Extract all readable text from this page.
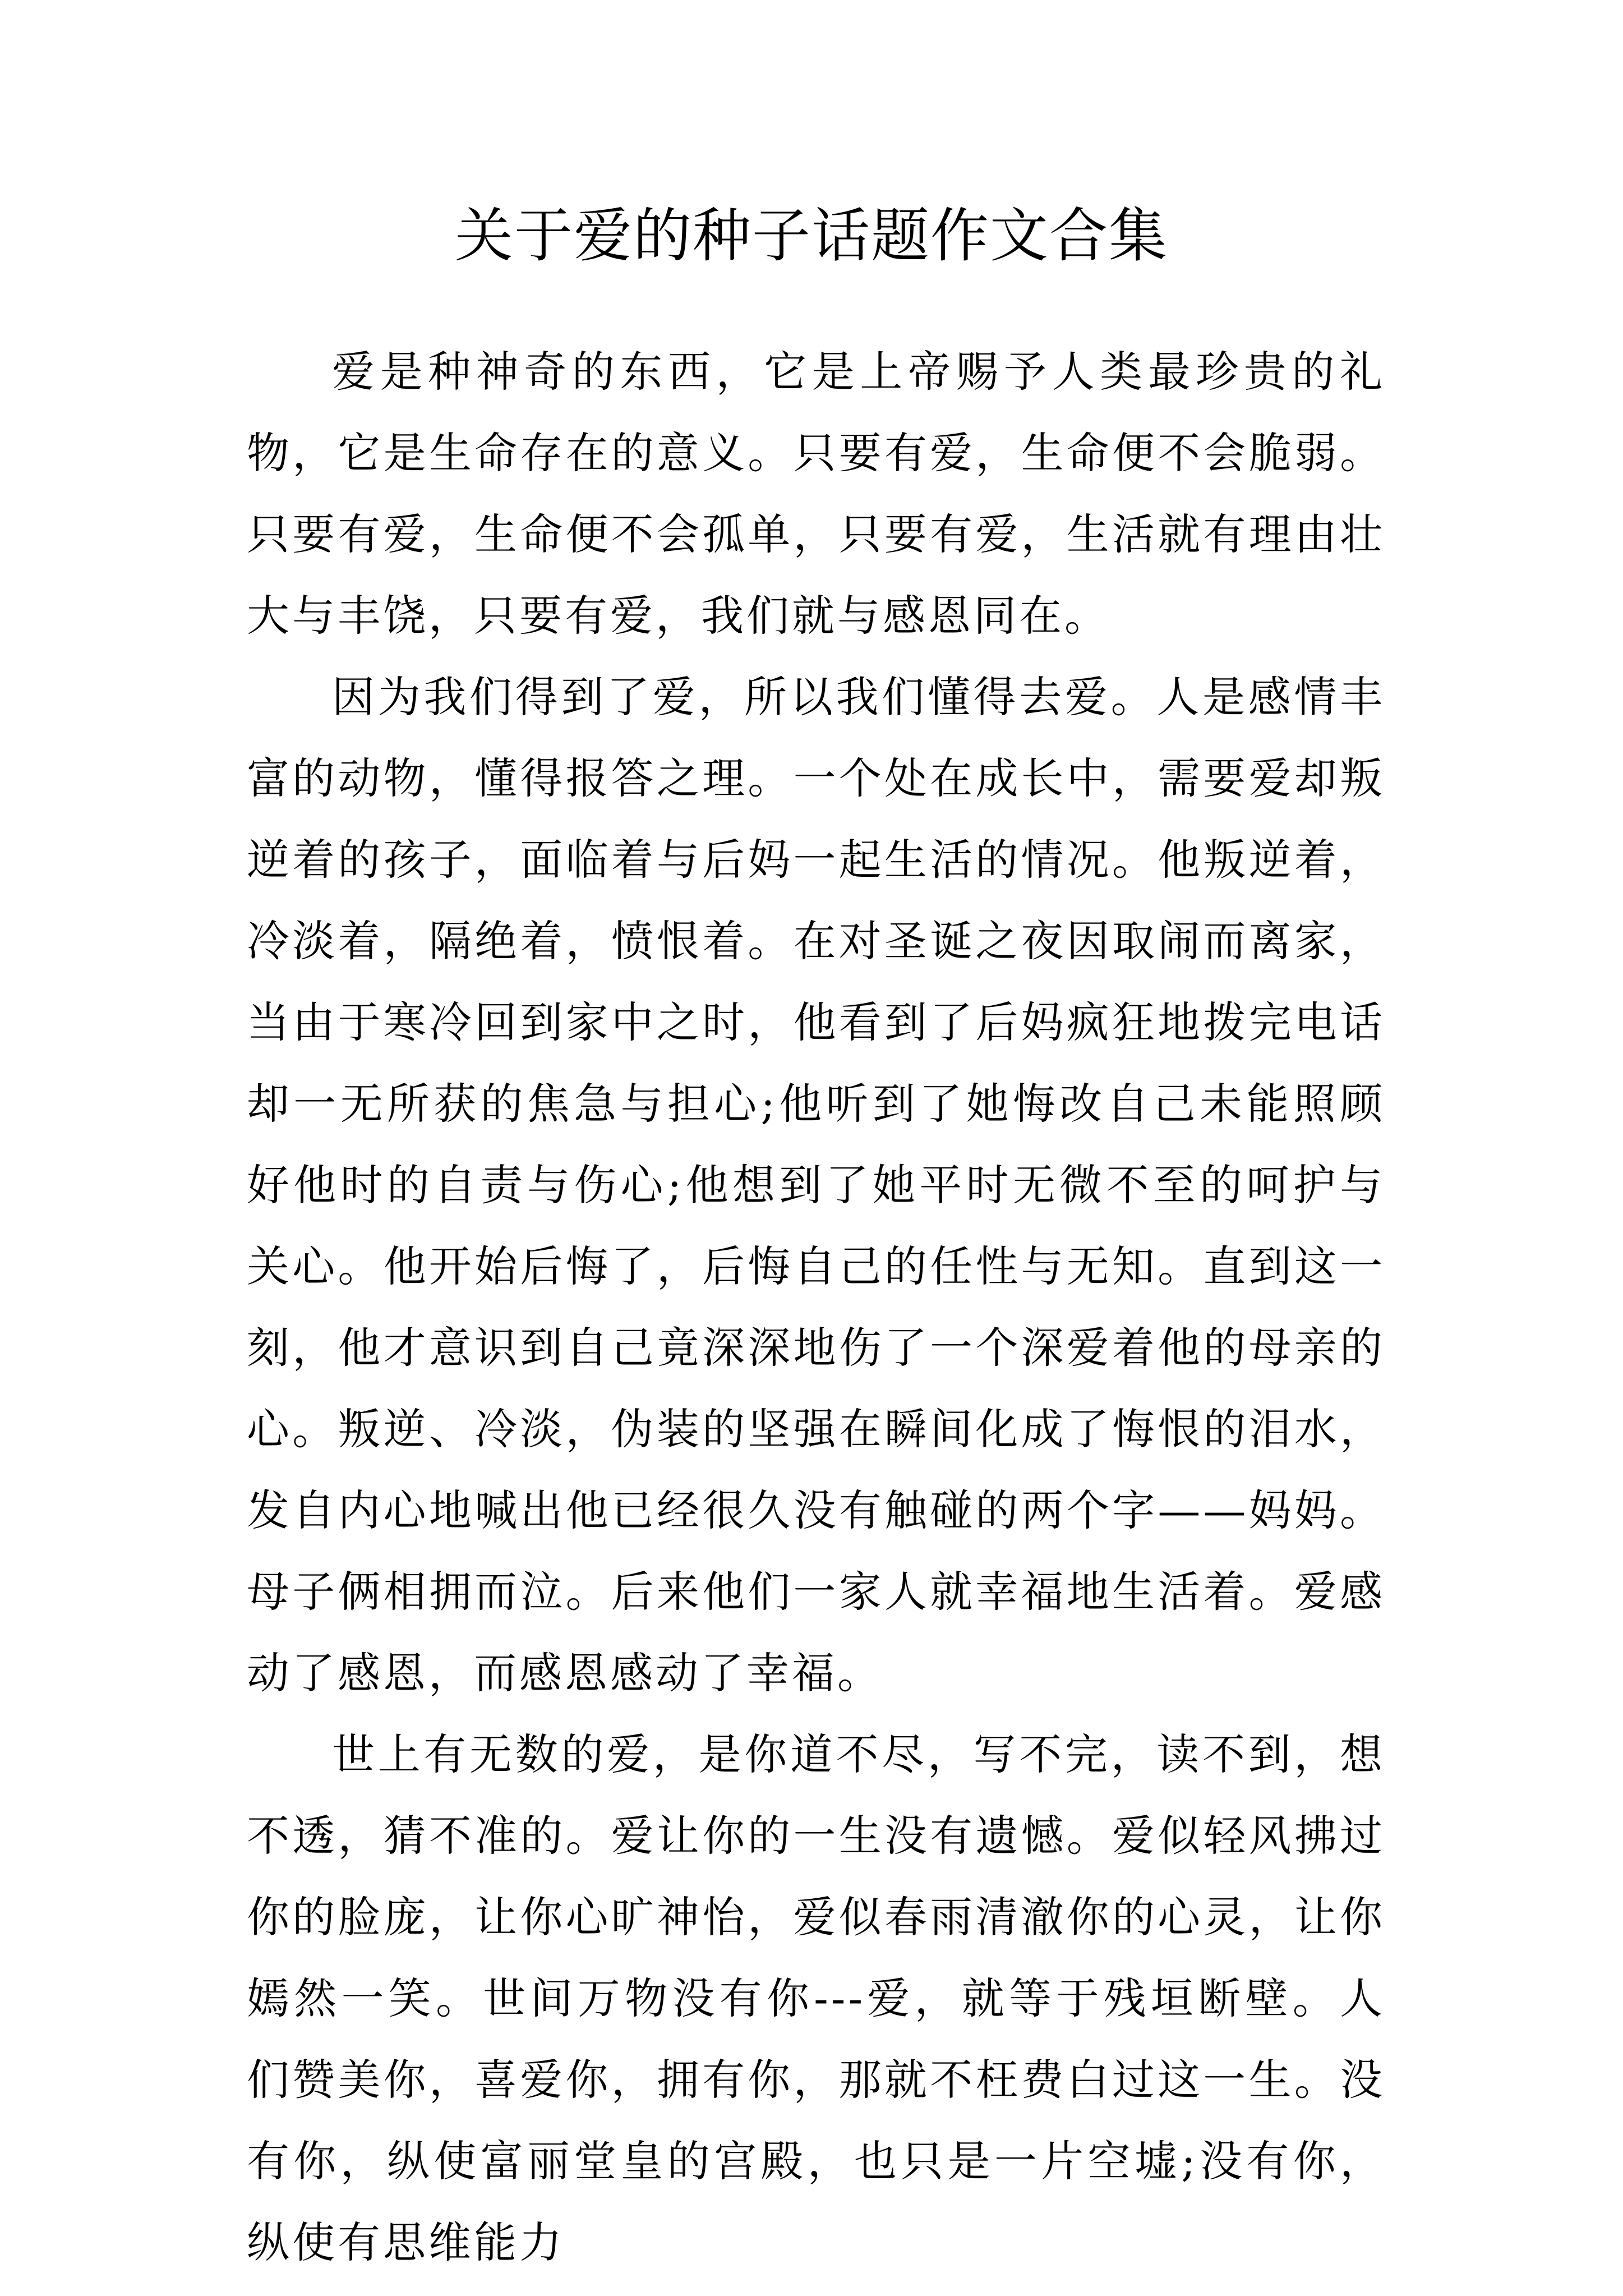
关于爱的种子话题作文合集

爱是种神奇的东西，它是上帝赐予人类最珍贵的礼物，它是生命存在的意义。只要有爱，生命便不会脆弱。只要有爱，生命便不会孤单，只要有爱，生活就有理由壮大与丰饶，只要有爱，我们就与感恩同在。

因为我们得到了爱，所以我们懂得去爱。人是感情丰富的动物，懂得报答之理。一个处在成长中，需要爱却叛逆着的孩子，面临着与后妈一起生活的情况。他叛逆着，冷淡着，隔绝着，愤恨着。在对圣诞之夜因取闹而离家，当由于寒冷回到家中之时，他看到了后妈疯狂地拨完电话却一无所获的焦急与担心;他听到了她悔改自己未能照顾好他时的自责与伤心;他想到了她平时无微不至的呵护与关心。他开始后悔了，后悔自己的任性与无知。直到这一刻，他才意识到自己竟深深地伤了一个深爱着他的母亲的心。叛逆、冷淡，伪装的坚强在瞬间化成了悔恨的泪水，发自内心地喊出他已经很久没有触碰的两个字——妈妈。母子俩相拥而泣。后来他们一家人就幸福地生活着。爱感动了感恩，而感恩感动了幸福。

世上有无数的爱，是你道不尽，写不完，读不到，想不透，猜不准的。爱让你的一生没有遗憾。爱似轻风拂过你的脸庞，让你心旷神怡，爱似春雨清澈你的心灵，让你嫣然一笑。世间万物没有你---爱，就等于残垣断壁。人们赞美你，喜爱你，拥有你，那就不枉费白过这一生。没有你，纵使富丽堂皇的宫殿，也只是一片空墟;没有你，纵使有思维能力
